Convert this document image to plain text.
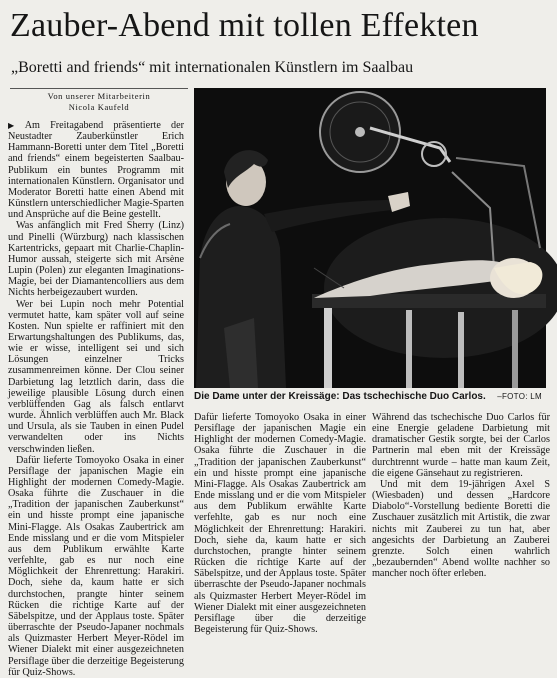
Zauber-Abend mit tollen Effekten
„Boretti and friends“ mit internationalen Künstlern im Saalbau
Von unserer Mitarbeiterin
Nicola Kaufeld

▶ Am Freitagabend präsentierte der Neustadter Zauberkünstler Erich Hammann-Boretti unter dem Titel „Boretti and friends“ einem begeisterten Saalbau-Publikum ein buntes Programm mit internationalen Künstlern. Organisator und Moderator Boretti hatte einen Abend mit Künstlern unterschiedlicher Magie-Sparten und Ansprüche auf die Beine gestellt.

Was anfänglich mit Fred Sherry (Linz) und Pinelli (Würzburg) nach klassischen Kartentricks, gepaart mit Charlie-Chaplin-Humor aussah, steigerte sich mit Arsène Lupin (Polen) zur eleganten Imaginations-Magie, bei der Diamantencolliers aus dem Nichts herbeigezaubert wurden.

Wer bei Lupin noch mehr Potential vermutet hatte, kam später voll auf seine Kosten. Nun spielte er raffiniert mit den Erwartungshaltungen des Publikums, das, wie er wisse, intelligent sei und sich Lösungen einzelner Tricks zusammenreimen könne. Der Clou seiner Darbietung lag letztlich darin, dass die jeweilige plausible Lösung durch einen verblüffenden Gag als falsch entlarvt wurde. Ähnlich verblüffen auch Mr. Black und Ursula, als sie Tauben in einen Pudel verwandelten oder ins Nichts verschwinden ließen.

Dafür lieferte Tomoyoko Osaka in einer Persiflage der japanischen Magie ein Highlight der modernen Comedy-Magie. Osaka führte die Zuschauer in die „Tradition der japanischen Zauberkunst“ ein und hisste prompt eine japanische Mini-Flagge. Als Osakas Zaubertrick am Ende misslang und er die vom Mitspieler aus dem Publikum erwählte Karte verfehlte, gab es nur noch eine Möglichkeit der Ehrenrettung: Harakiri. Doch, siehe da, kaum hatte er sich durchstochen, prangte hinter seinem Rücken die richtige Karte auf der Säbelspitze, und der Applaus toste. Später überraschte der Pseudo-Japaner nochmals als Quizmaster Herbert Meyer-Rödel im Wiener Dialekt mit einer ausgezeichneten Persiflage über die derzeitige Begeisterung für Quiz-Shows.

Die Dame unter der Kreissäge: Das tschechische Duo Carlos. –FOTO: LM

Dafür lieferte Tomoyoko Osaka in einer Persiflage der japanischen Magie ein Highlight der modernen Comedy-Magie. Osaka führte die Zuschauer in die „Tradition der japanischen Zauberkunst“ ein und hisste prompt eine japanische Mini-Flagge. Als Osakas Zaubertrick am Ende misslang und er die vom Mitspieler aus dem Publikum erwählte Karte verfehlte, gab es nur noch eine Möglichkeit der Ehrenrettung: Harakiri. Doch, siehe da, kaum hatte er sich durchstochen, prangte hinter seinem Rücken die richtige Karte auf der Säbelspitze, und der Applaus toste. Später überraschte der Pseudo-Japaner nochmals als Quizmaster Herbert Meyer-Rödel im Wiener Dialekt mit einer ausgezeichneten Persiflage über die derzeitige Begeisterung für Quiz-Shows.

Während das tschechische Duo Carlos für eine Energie geladene Darbietung mit dramatischer Gestik sorgte, bei der Carlos Partnerin mal eben mit der Kreissäge durchtrennt wurde – hatte man kaum Zeit, die eigene Gänsehaut zu registrieren.

Und mit dem 19-jährigen Axel S (Wiesbaden) und dessen „Hardcore Diabolo“-Vorstellung bediente Boretti die Zuschauer zusätzlich mit Artistik, die zwar nichts mit Zauberei zu tun hat, aber angesichts der Darbietung an Zauberei grenzte. Solch einen wahrlich „bezaubernden“ Abend wollte nachher so mancher noch öfter erleben.
